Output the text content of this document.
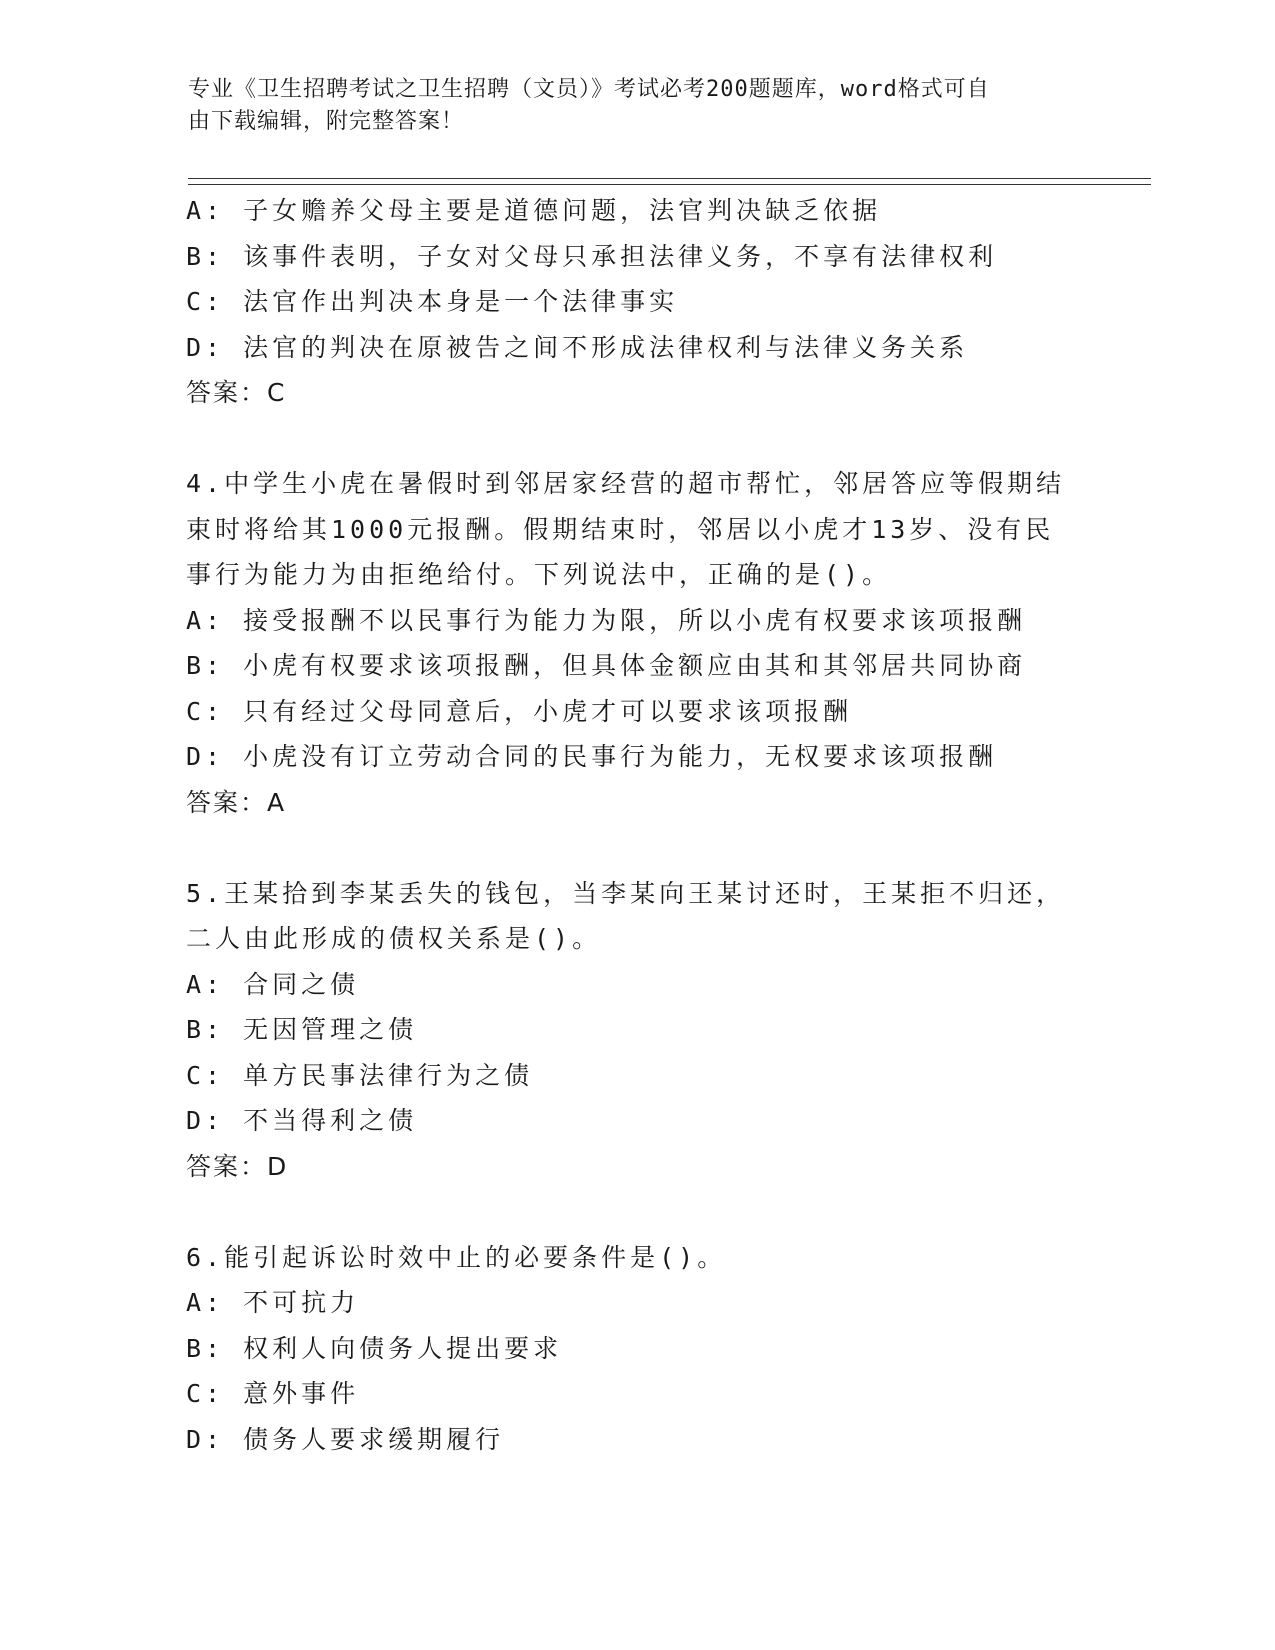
专业《卫生招聘考试之卫生招聘（文员）》考试必考200题题库，word格式可自
由下载编辑，附完整答案！
A: 子女赡养父母主要是道德问题，法官判决缺乏依据
B: 该事件表明，子女对父母只承担法律义务，不享有法律权利
C: 法官作出判决本身是一个法律事实
D: 法官的判决在原被告之间不形成法律权利与法律义务关系
答案：C
4.中学生小虎在暑假时到邻居家经营的超市帮忙，邻居答应等假期结
束时将给其1000元报酬。假期结束时，邻居以小虎才13岁、没有民
事行为能力为由拒绝给付。下列说法中，正确的是()。
A: 接受报酬不以民事行为能力为限，所以小虎有权要求该项报酬
B: 小虎有权要求该项报酬，但具体金额应由其和其邻居共同协商
C: 只有经过父母同意后，小虎才可以要求该项报酬
D: 小虎没有订立劳动合同的民事行为能力，无权要求该项报酬
答案：A
5.王某拾到李某丢失的钱包，当李某向王某讨还时，王某拒不归还，
二人由此形成的债权关系是()。
A: 合同之债
B: 无因管理之债
C: 单方民事法律行为之债
D: 不当得利之债
答案：D
6.能引起诉讼时效中止的必要条件是()。
A: 不可抗力
B: 权利人向债务人提出要求
C: 意外事件
D: 债务人要求缓期履行
